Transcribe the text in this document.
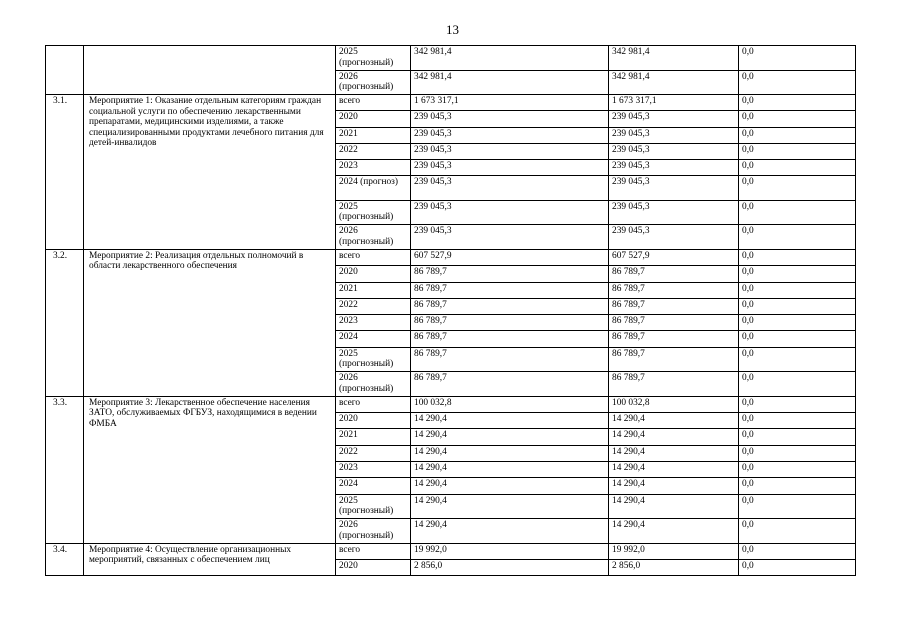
13
		2025 (прогнозный)	342 981,4	342 981,4	0,0
		2026 (прогнозный)	342 981,4	342 981,4	0,0
3.1.	Мероприятие 1: Оказание отдельным категориям граждан социальной услуги по обеспечению лекарственными препаратами, медицинскими изделиями, а также специализированными продуктами лечебного питания для детей-инвалидов	всего	1 673 317,1	1 673 317,1	0,0
		2020	239 045,3	239 045,3	0,0
		2021	239 045,3	239 045,3	0,0
		2022	239 045,3	239 045,3	0,0
		2023	239 045,3	239 045,3	0,0
		2024 (прогноз)	239 045,3	239 045,3	0,0
		2025 (прогнозный)	239 045,3	239 045,3	0,0
		2026 (прогнозный)	239 045,3	239 045,3	0,0
3.2.	Мероприятие 2: Реализация отдельных полномочий в области лекарственного обеспечения	всего	607 527,9	607 527,9	0,0
		2020	86 789,7	86 789,7	0,0
		2021	86 789,7	86 789,7	0,0
		2022	86 789,7	86 789,7	0,0
		2023	86 789,7	86 789,7	0,0
		2024	86 789,7	86 789,7	0,0
		2025 (прогнозный)	86 789,7	86 789,7	0,0
		2026 (прогнозный)	86 789,7	86 789,7	0,0
3.3.	Мероприятие 3: Лекарственное обеспечение населения ЗАТО, обслуживаемых ФГБУЗ, находящимися в ведении ФМБА	всего	100 032,8	100 032,8	0,0
		2020	14 290,4	14 290,4	0,0
		2021	14 290,4	14 290,4	0,0
		2022	14 290,4	14 290,4	0,0
		2023	14 290,4	14 290,4	0,0
		2024	14 290,4	14 290,4	0,0
		2025 (прогнозный)	14 290,4	14 290,4	0,0
		2026 (прогнозный)	14 290,4	14 290,4	0,0
3.4.	Мероприятие 4: Осуществление организационных мероприятий, связанных с обеспечением лиц	всего	19 992,0	19 992,0	0,0
		2020	2 856,0	2 856,0	0,0
